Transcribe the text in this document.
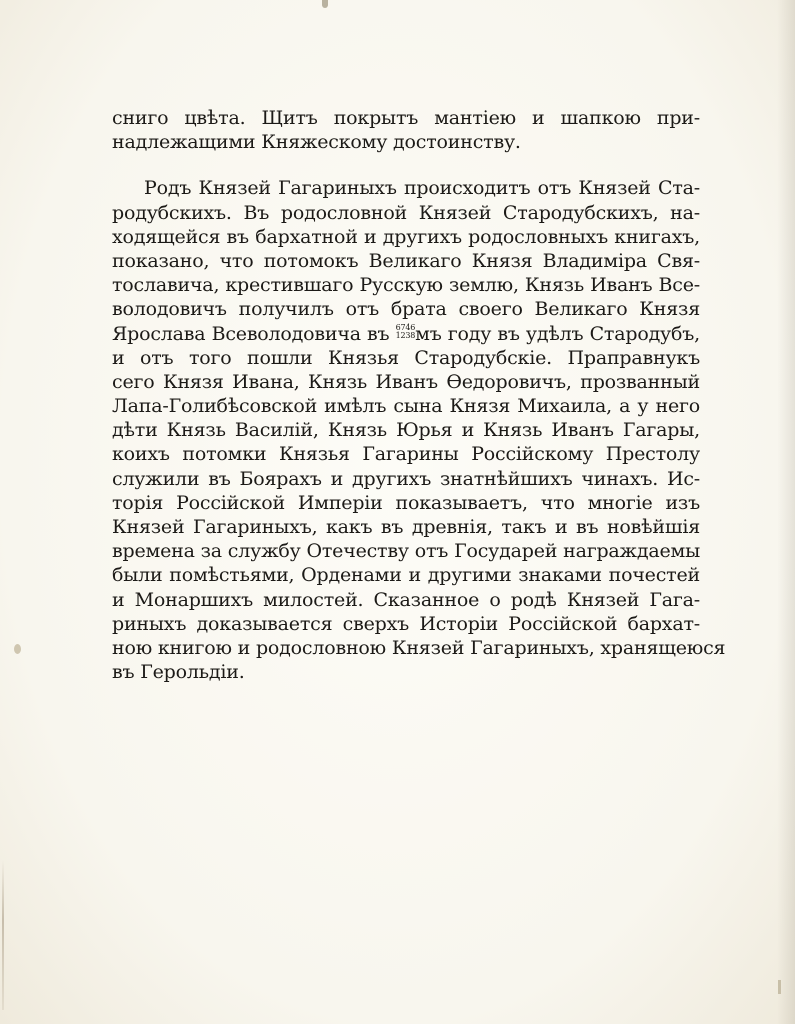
сниго цвѣта. Щитъ покрытъ мантіею и шапкою при-
надлежащими Княжескому достоинству.
Родъ Князей Гагариныхъ происходитъ отъ Князей Ста-
родубскихъ. Въ родословной Князей Стародубскихъ, на-
ходящейся въ бархатной и другихъ родословныхъ книгахъ,
показано, что потомокъ Великаго Князя Владиміра Свя-
тославича, крестившаго Русскую землю, Князь Иванъ Все-
володовичъ получилъ отъ брата своего Великаго Князя
Ярослава Всеволодовича въ 6746
1238 мъ году въ удѣлъ Стародубъ,
и отъ того пошли Князья Стародубскіе. Праправнукъ
сего Князя Ивана, Князь Иванъ Ѳедоровичъ, прозванный
Лапа-Голибѣсовской имѣлъ сына Князя Михаила, а у него
дѣти Князь Василій, Князь Юрья и Князь Иванъ Гагары,
коихъ потомки Князья Гагарины Россійскому Престолу
служили въ Боярахъ и другихъ знатнѣйшихъ чинахъ. Ис-
торія Россійской Имперіи показываетъ, что многіе изъ
Князей Гагариныхъ, какъ въ древнія, такъ и въ новѣйшія
времена за службу Отечеству отъ Государей награждаемы
были помѣстьями, Орденами и другими знаками почестей
и Монаршихъ милостей. Сказанное о родѣ Князей Гага-
риныхъ доказывается сверхъ Исторіи Россійской бархат-
ною книгою и родословною Князей Гагариныхъ, хранящеюся
въ Герольдіи.
